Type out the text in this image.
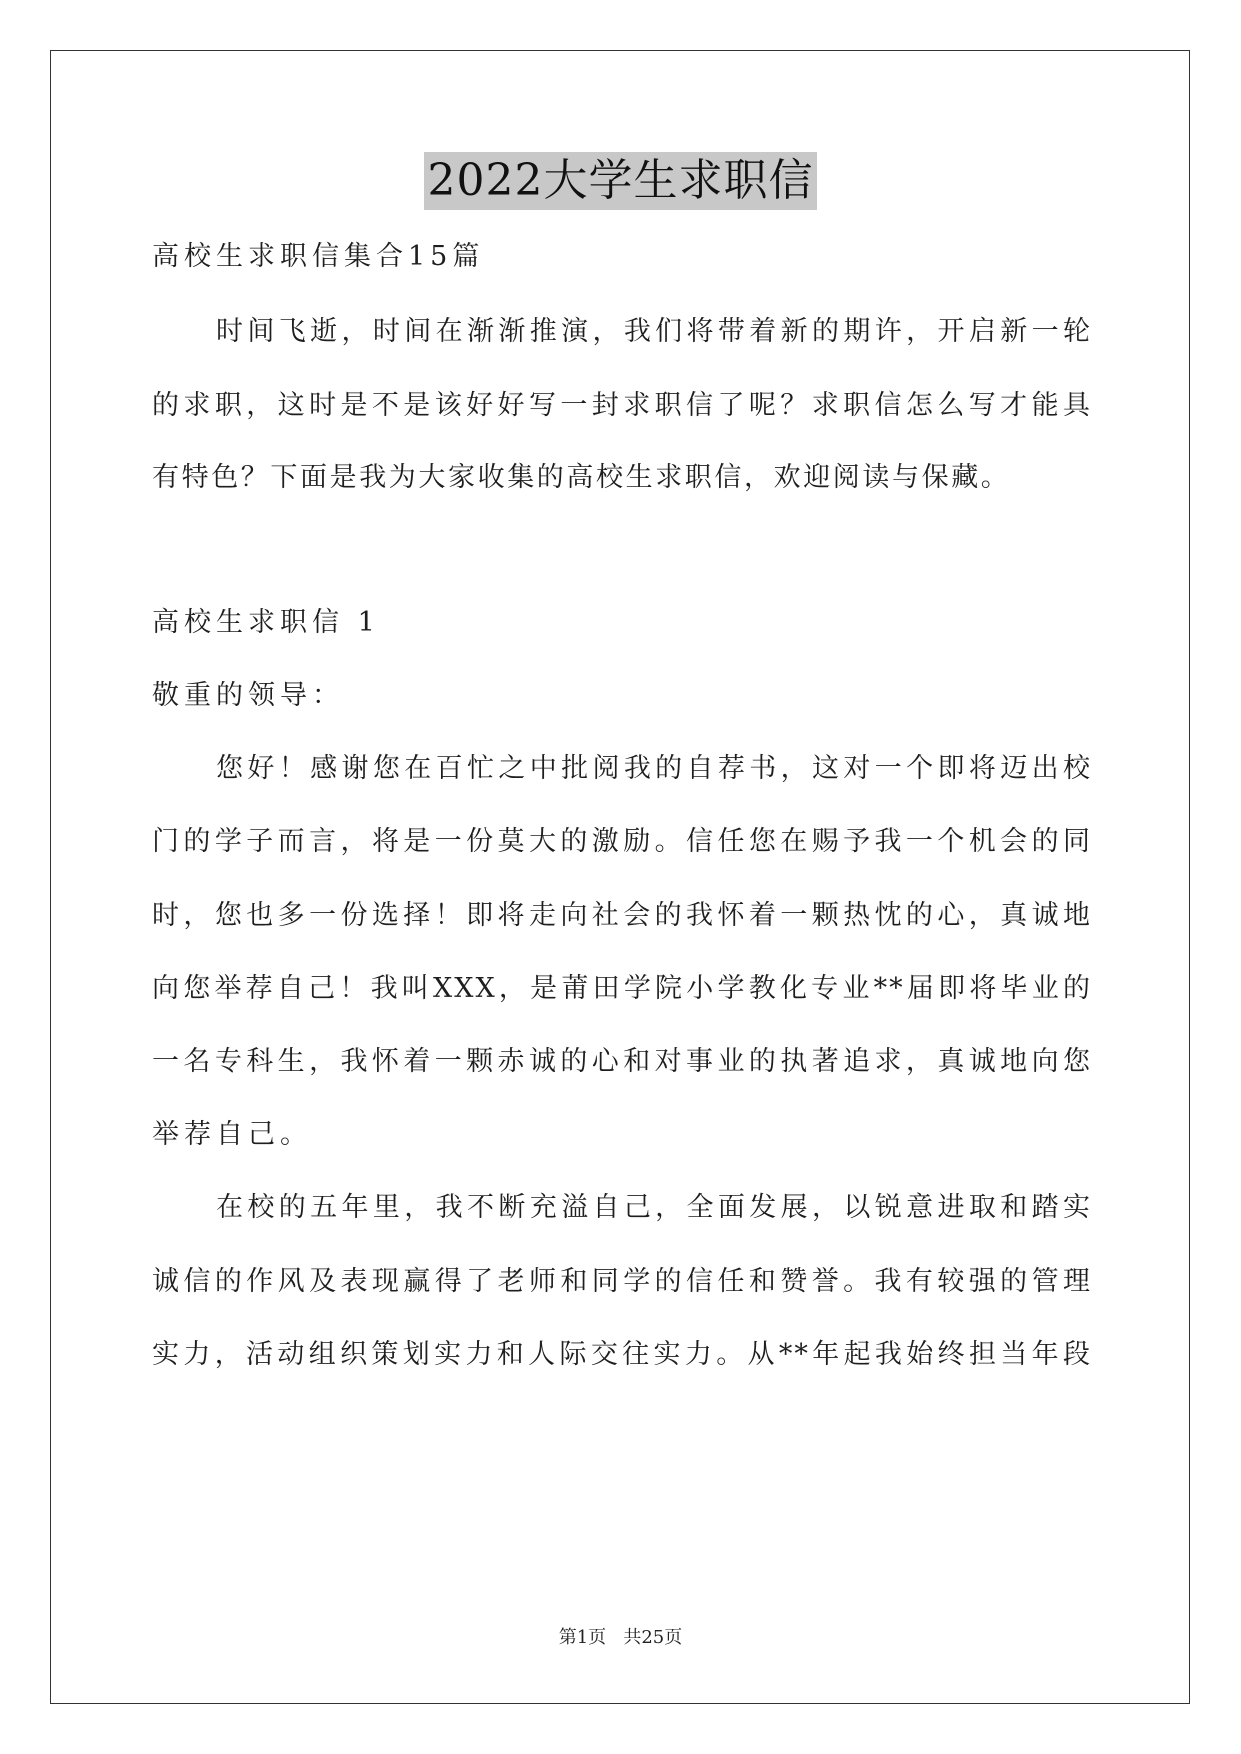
2022大学生求职信
高校生求职信集合15篇
时间飞逝，时间在渐渐推演，我们将带着新的期许，开启新一轮
的求职，这时是不是该好好写一封求职信了呢？求职信怎么写才能具
有特色？下面是我为大家收集的高校生求职信，欢迎阅读与保藏。
高校生求职信 1
敬重的领导：
您好！感谢您在百忙之中批阅我的自荐书，这对一个即将迈出校
门的学子而言，将是一份莫大的激励。信任您在赐予我一个机会的同
时，您也多一份选择！即将走向社会的我怀着一颗热忱的心，真诚地
向您举荐自己！我叫XXX，是莆田学院小学教化专业**届即将毕业的
一名专科生，我怀着一颗赤诚的心和对事业的执著追求，真诚地向您
举荐自己。
在校的五年里，我不断充溢自己，全面发展，以锐意进取和踏实
诚信的作风及表现赢得了老师和同学的信任和赞誉。我有较强的管理
实力，活动组织策划实力和人际交往实力。从**年起我始终担当年段
第1页   共25页
